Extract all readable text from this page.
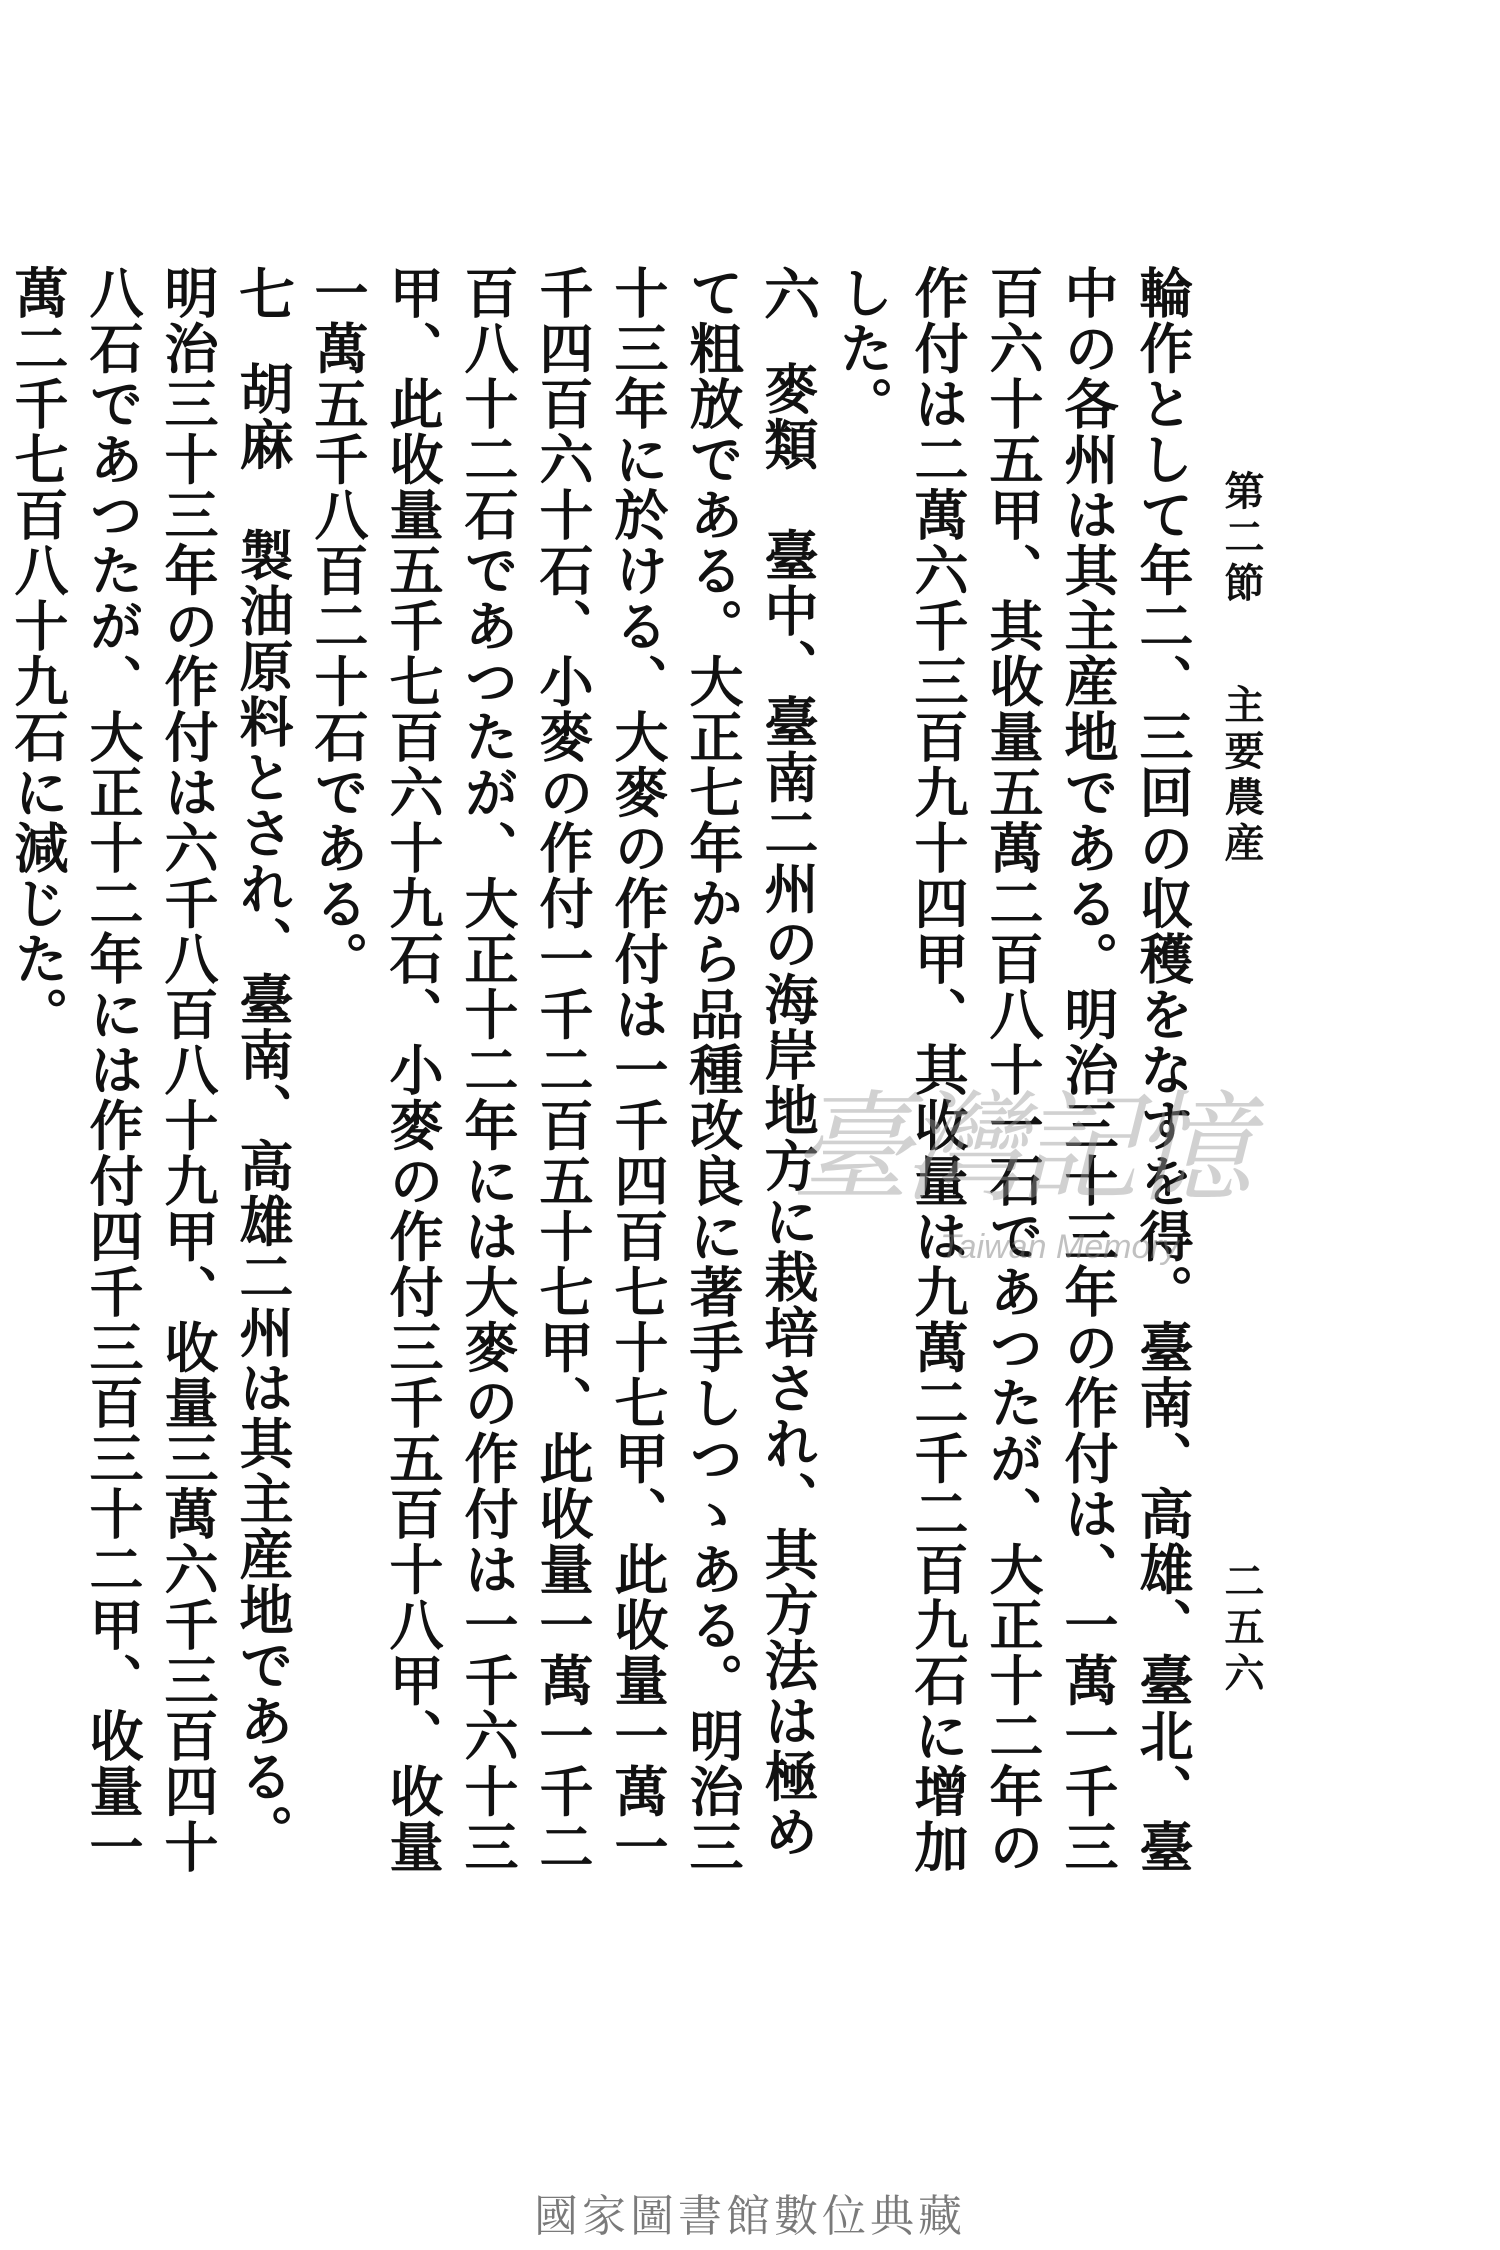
第二節 主要農産
二五六

輪作として年二、三回の収穫をなすを得。臺南、高雄、臺北、臺中の各州は其主産地である。明治三十三年の作付は、一萬一千三百六十五甲、其收量五萬二百八十一石であつたが、大正十二年の作付は二萬六千三百九十四甲、其收量は九萬二千二百九石に增加した。

六 麥類　臺中、臺南二州の海岸地方に栽培され、其方法は極めて粗放である。大正七年から品種改良に著手しつゝある。明治三十三年に於ける、大麥の作付は一千四百七十七甲、此收量一萬一千四百六十石、小麥の作付一千二百五十七甲、此收量一萬一千二百八十二石であつたが、大正十二年には大麥の作付は一千六十三甲、此收量五千七百六十九石、小麥の作付三千五百十八甲、收量一萬五千八百二十石である。

七 胡麻　製油原料とされ、臺南、高雄二州は其主産地である。明治三十三年の作付は六千八百八十九甲、收量三萬六千三百四十八石であつたが、大正十二年には作付四千三百三十二甲、收量一萬二千七百八十九石に減じた。

臺灣記憶
Taiwan Memory
國家圖書館數位典藏
